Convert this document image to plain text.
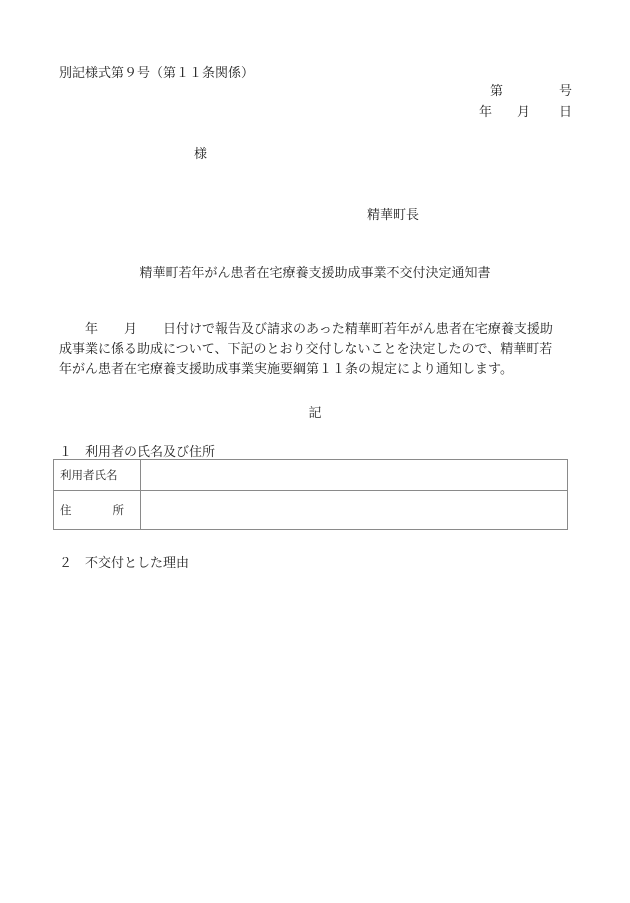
別記様式第９号（第１１条関係）
第	号
年 月 日
様
精華町長
精華町若年がん患者在宅療養支援助成事業不交付決定通知書
　　年　　月　　日付けで報告及び請求のあった精華町若年がん患者在宅療養支援助
成事業に係る助成について、下記のとおり交付しないことを決定したので、精華町若
年がん患者在宅療養支援助成事業実施要綱第１１条の規定により通知します。
記
１　利用者の氏名及び住所
利用者氏名	

住 所	

２　不交付とした理由
